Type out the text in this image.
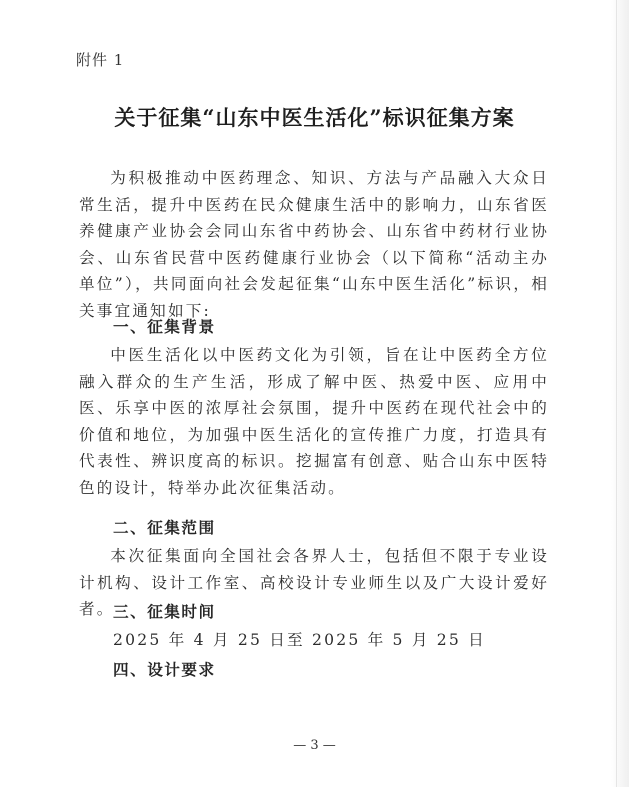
附件 1
关于征集“山东中医生活化”标识征集方案

为积极推动中医药理念、知识、方法与产品融入大众日常生活，提升中医药在民众健康生活中的影响力，山东省医养健康产业协会会同山东省中药协会、山东省中药材行业协会、山东省民营中医药健康行业协会（以下简称“活动主办单位”），共同面向社会发起征集“山东中医生活化”标识，相关事宜通知如下:

一、征集背景

中医生活化以中医药文化为引领，旨在让中医药全方位融入群众的生产生活，形成了解中医、热爱中医、应用中医、乐享中医的浓厚社会氛围，提升中医药在现代社会中的价值和地位，为加强中医生活化的宣传推广力度，打造具有代表性、辨识度高的标识。挖掘富有创意、贴合山东中医特色的设计，特举办此次征集活动。

二、征集范围

本次征集面向全国社会各界人士，包括但不限于专业设计机构、设计工作室、高校设计专业师生以及广大设计爱好者。

三、征集时间

2025 年 4 月 25 日至 2025 年 5 月 25 日

四、设计要求
— 3 —
